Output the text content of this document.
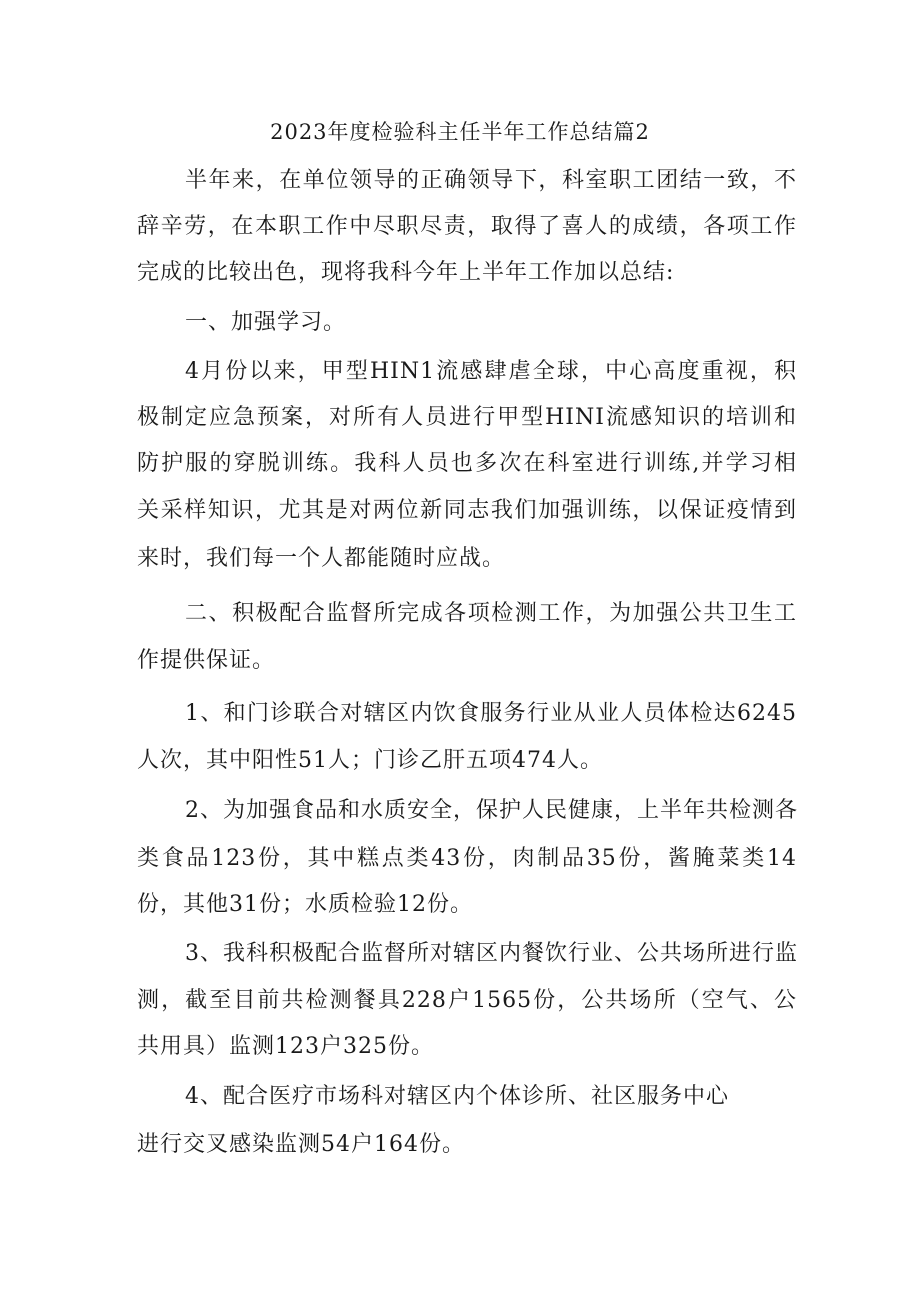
2023年度检验科主任半年工作总结篇2

半年来，在单位领导的正确领导下，科室职工团结一致，不

辞辛劳，在本职工作中尽职尽责，取得了喜人的成绩，各项工作

完成的比较出色，现将我科今年上半年工作加以总结:

一、加强学习。

4月份以来，甲型HIN1流感肆虐全球，中心高度重视，积

极制定应急预案，对所有人员进行甲型HINI流感知识的培训和

防护服的穿脱训练。我科人员也多次在科室进行训练,并学习相

关采样知识，尤其是对两位新同志我们加强训练，以保证疫情到

来时，我们每一个人都能随时应战。

二、积极配合监督所完成各项检测工作，为加强公共卫生工

作提供保证。

1、和门诊联合对辖区内饮食服务行业从业人员体检达6245

人次，其中阳性51人；门诊乙肝五项474人。

2、为加强食品和水质安全，保护人民健康，上半年共检测各

类食品123份，其中糕点类43份，肉制品35份，酱腌菜类14

份，其他31份；水质检验12份。

3、我科积极配合监督所对辖区内餐饮行业、公共场所进行监

测，截至目前共检测餐具228户1565份，公共场所（空气、公

共用具）监测123户325份。

4、配合医疗市场科对辖区内个体诊所、社区服务中心

进行交叉感染监测54户164份。
